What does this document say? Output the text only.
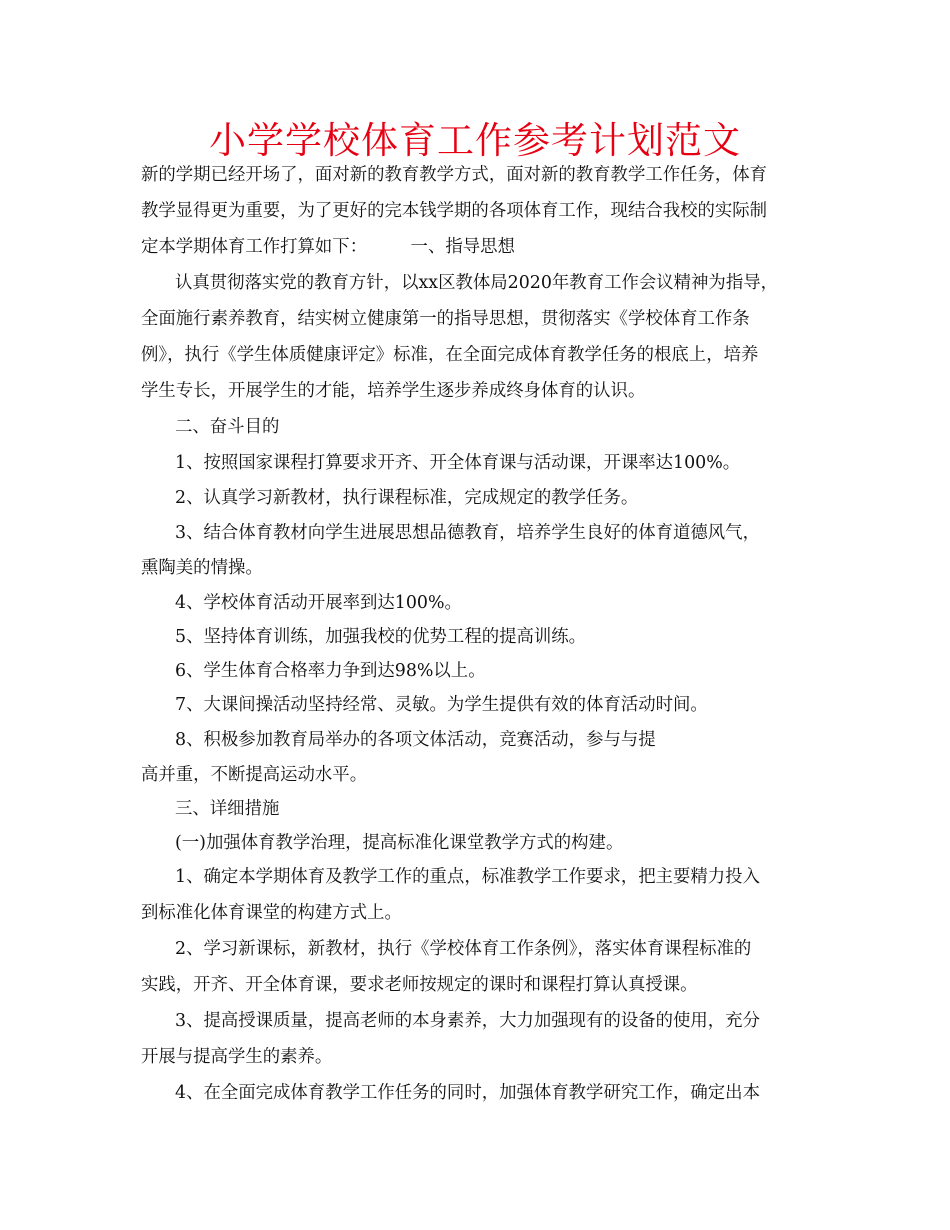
小学学校体育工作参考计划范文
新的学期已经开场了，面对新的教育教学方式，面对新的教育教学工作任务，体育
教学显得更为重要，为了更好的完本钱学期的各项体育工作，现结合我校的实际制
定本学期体育工作打算如下：　　　一、指导思想
认真贯彻落实党的教育方针，以xx区教体局2020年教育工作会议精神为指导，
全面施行素养教育，结实树立健康第一的指导思想，贯彻落实《学校体育工作条
例》，执行《学生体质健康评定》标准，在全面完成体育教学任务的根底上，培养
学生专长，开展学生的才能，培养学生逐步养成终身体育的认识。
二、奋斗目的
1、按照国家课程打算要求开齐、开全体育课与活动课，开课率达100%。
2、认真学习新教材，执行课程标准，完成规定的教学任务。
3、结合体育教材向学生进展思想品德教育，培养学生良好的体育道德风气，
熏陶美的情操。
4、学校体育活动开展率到达100%。
5、坚持体育训练，加强我校的优势工程的提高训练。
6、学生体育合格率力争到达98%以上。
7、大课间操活动坚持经常、灵敏。为学生提供有效的体育活动时间。
8、积极参加教育局举办的各项文体活动，竞赛活动，参与与提
高并重，不断提高运动水平。
三、详细措施
(一)加强体育教学治理，提高标准化课堂教学方式的构建。
1、确定本学期体育及教学工作的重点，标准教学工作要求，把主要精力投入
到标准化体育课堂的构建方式上。
2、学习新课标，新教材，执行《学校体育工作条例》，落实体育课程标准的
实践，开齐、开全体育课，要求老师按规定的课时和课程打算认真授课。
3、提高授课质量，提高老师的本身素养，大力加强现有的设备的使用，充分
开展与提高学生的素养。
4、在全面完成体育教学工作任务的同时，加强体育教学研究工作，确定出本
